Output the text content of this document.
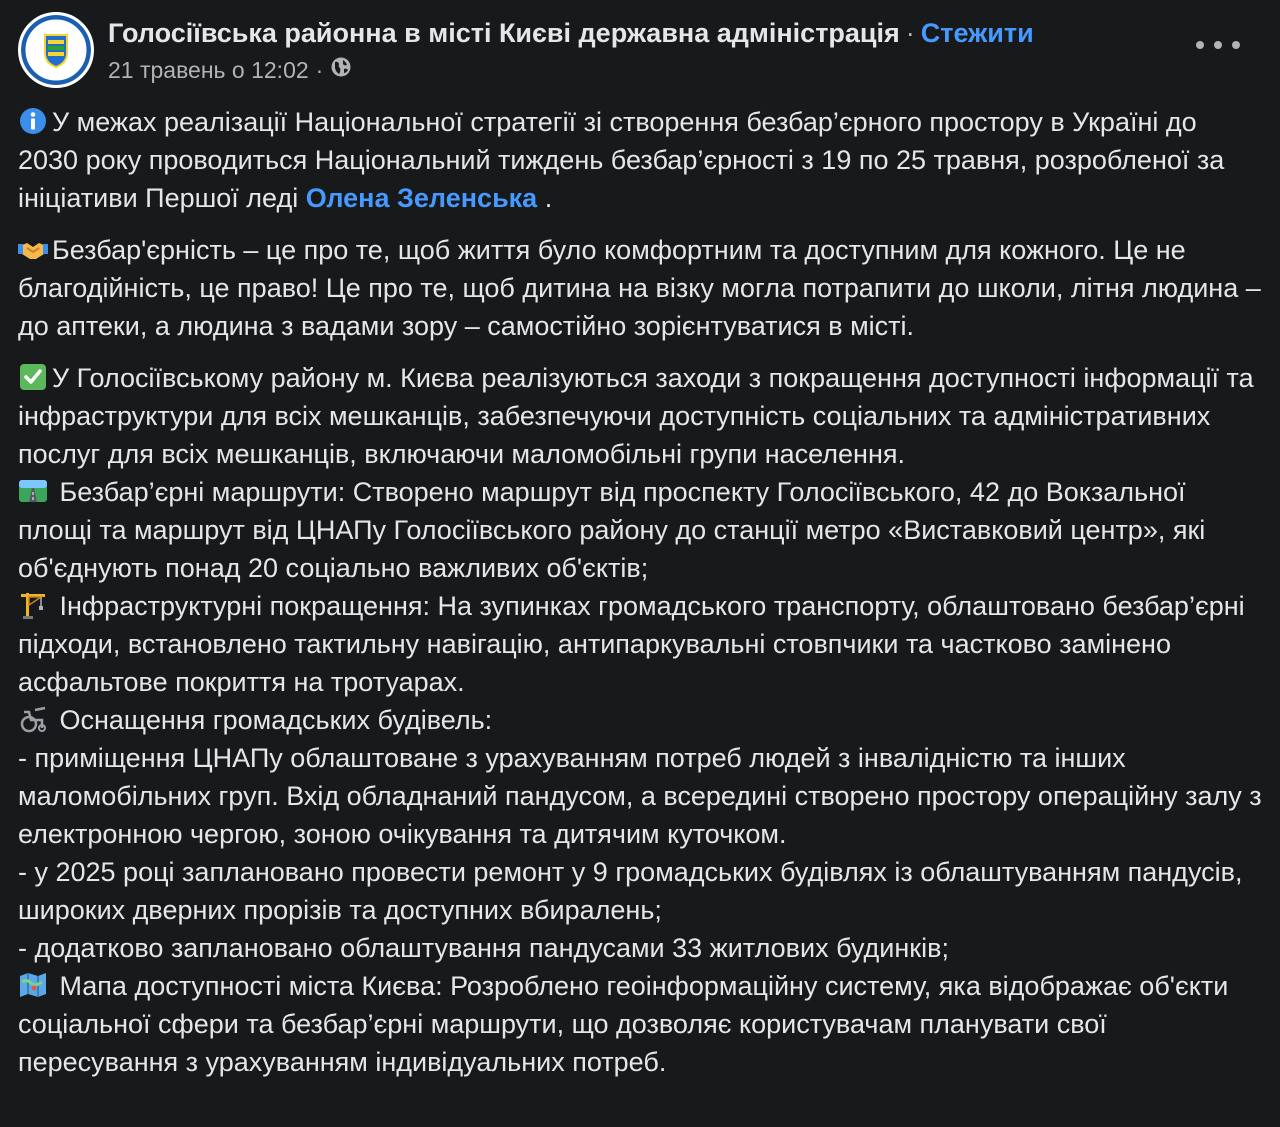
Голосіївська районна в місті Києві державна адміністрація · Стежити
21 травень о 12:02 ·

У межах реалізації Національної стратегії зі створення безбар’єрного простору в Україні до 2030 року проводиться Національний тиждень безбар’єрності з 19 по 25 травня, розробленої за ініціативи Першої леді Олена Зеленська .

Безбар'єрність – це про те, щоб життя було комфортним та доступним для кожного. Це не благодійність, це право! Це про те, щоб дитина на візку могла потрапити до школи, літня людина – до аптеки, а людина з вадами зору – самостійно зорієнтуватися в місті.

У Голосіївському району м. Києва реалізуються заходи з покращення доступності інформації та інфраструктури для всіх мешканців, забезпечуючи доступність соціальних та адміністративних послуг для всіх мешканців, включаючи маломобільні групи населення.

Безбар’єрні маршрути: Створено маршрут від проспекту Голосіївського, 42 до Вокзальної площі та маршрут від ЦНАПу Голосіївського району до станції метро «Виставковий центр», які об'єднують понад 20 соціально важливих об'єктів;

Інфраструктурні покращення: На зупинках громадського транспорту, облаштовано безбар’єрні підходи, встановлено тактильну навігацію, антипаркувальні стовпчики та частково замінено асфальтове покриття на тротуарах.

Оснащення громадських будівель:

- приміщення ЦНАПу облаштоване з урахуванням потреб людей з інвалідністю та інших маломобільних груп. Вхід обладнаний пандусом, а всередині створено простору операційну залу з електронною чергою, зоною очікування та дитячим куточком.

- у 2025 році заплановано провести ремонт у 9 громадських будівлях із облаштуванням пандусів, широких дверних прорізів та доступних вбиралень;

- додатково заплановано облаштування пандусами 33 житлових будинків;

Мапа доступності міста Києва: Розроблено геоінформаційну систему, яка відображає об'єкти соціальної сфери та безбар’єрні маршрути, що дозволяє користувачам планувати свої пересування з урахуванням індивідуальних потреб.
